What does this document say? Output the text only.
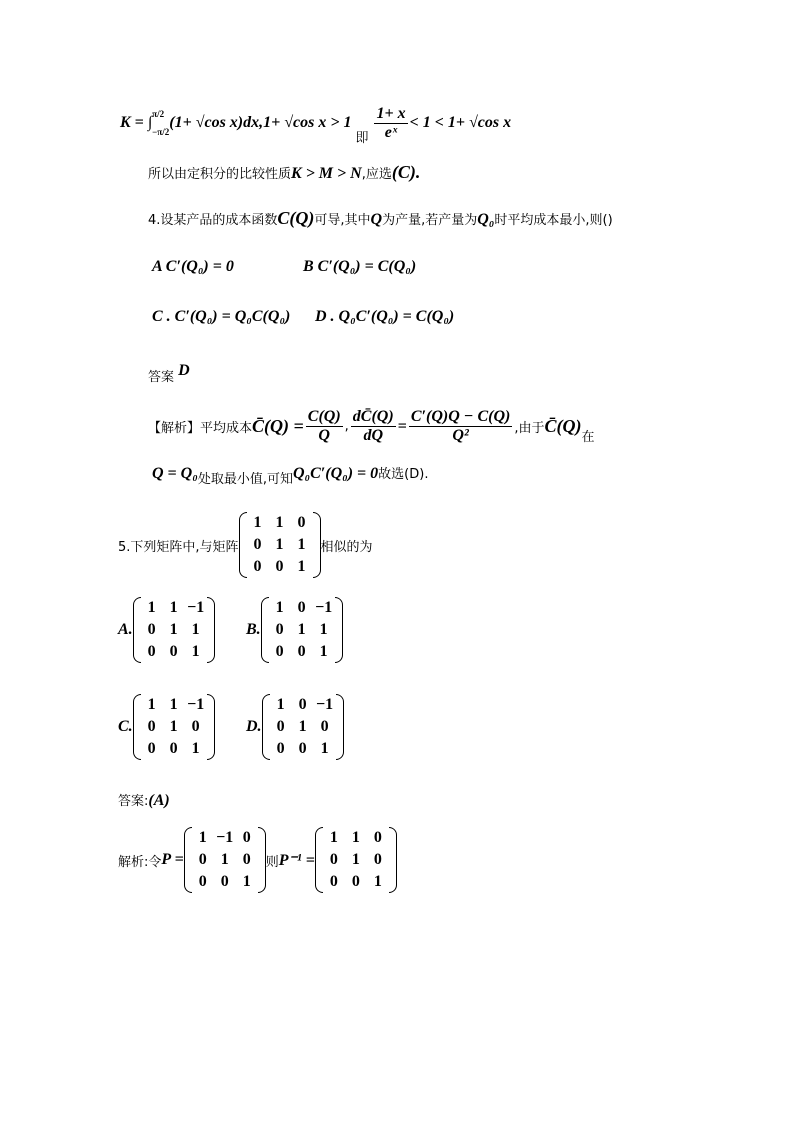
K = ∫ π/2
−π/2
(1+ √cos x)dx, 1+ √cos x > 1
即 $\frac{1+ x}{\text{eˣ}} < 1 < 1+ √\cos$ x
所以由定积分的比较性质K > M > N,应选(C).
4.设某产品的成本函数C(Q)可导,其中Q为产量,若产量为Q₀时平均成本最小,则()
A C′(Q₀) = 0	B C′(Q₀) = C(Q₀)
C . C′(Q₀) = Q₀C(Q₀) D . Q₀C′(Q₀) = C(Q₀)
答案 D
【解析】平均成本 C̄(Q) = $\frac{C(Q)}{Q}$ , $\frac{dC̄(Q)}{dQ} = \frac{C'(Q)Q - C(Q)}{\text{Q²}}$ ,由于 C̄(Q)
在
Q = Q₀处取最小值,可知Q₀C′(Q₀) = 0故选(D).
5.下列矩阵中,与矩阵
1 1 0
0 1 1
0 0 1
相似的为
A.
1 1 −1
0 1 1
0 0 1
B.
1 0 −1
0 1 1
0 0 1
C.
1 1 −1
0 1 0
0 0 1
D.
1 0 −1
0 1 0
0 0 1
答案:(A)
解析:令 P =
1 −1 0
0 1 0
0 0 1
则 P⁻¹ =
1 1 0
0 1 0
0 0 1
